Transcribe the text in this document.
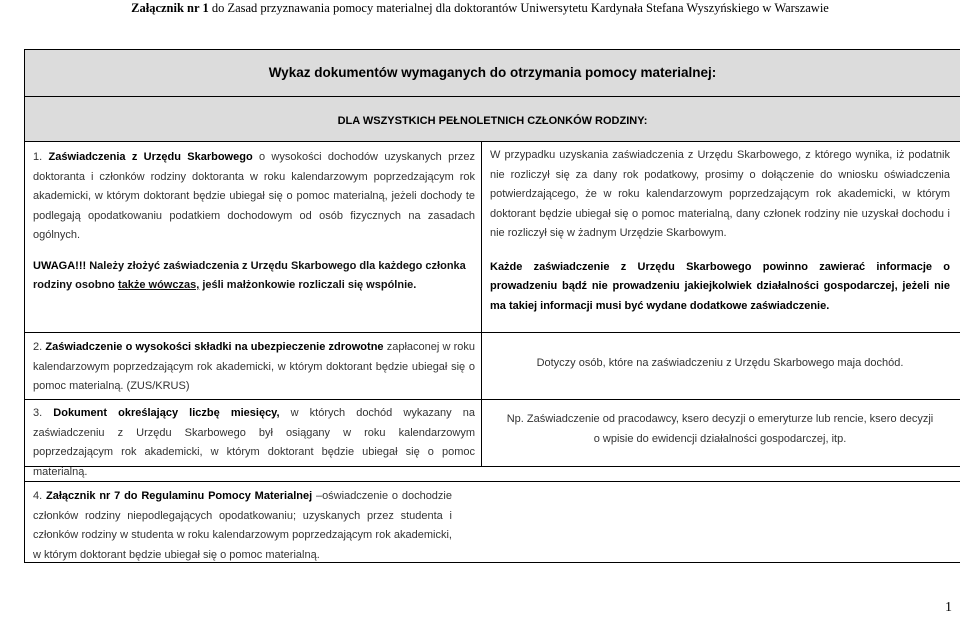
Załącznik nr 1 do Zasad przyznawania pomocy materialnej dla doktorantów Uniwersytetu Kardynała Stefana Wyszyńskiego w Warszawie
Wykaz dokumentów wymaganych do otrzymania pomocy materialnej:
DLA WSZYSTKICH PEŁNOLETNICH CZŁONKÓW RODZINY:
1. Zaświadczenia z Urzędu Skarbowego o wysokości dochodów uzyskanych przez doktoranta i członków rodziny doktoranta w roku kalendarzowym poprzedzającym rok akademicki, w którym doktorant będzie ubiegał się o pomoc materialną, jeżeli dochody te podlegają opodatkowaniu podatkiem dochodowym od osób fizycznych na zasadach ogólnych.
UWAGA!!! Należy złożyć zaświadczenia z Urzędu Skarbowego dla każdego członka rodziny osobno także wówczas, jeśli małżonkowie rozliczali się wspólnie.
W przypadku uzyskania zaświadczenia z Urzędu Skarbowego, z którego wynika, iż podatnik nie rozliczył się za dany rok podatkowy, prosimy o dołączenie do wniosku oświadczenia potwierdzającego, że w roku kalendarzowym poprzedzającym rok akademicki, w którym doktorant będzie ubiegał się o pomoc materialną, dany członek rodziny nie uzyskał dochodu i nie rozliczył się w żadnym Urzędzie Skarbowym.
Każde zaświadczenie z Urzędu Skarbowego powinno zawierać informacje o prowadzeniu bądź nie prowadzeniu jakiejkolwiek działalności gospodarczej, jeżeli nie ma takiej informacji musi być wydane dodatkowe zaświadczenie.
2. Zaświadczenie o wysokości składki na ubezpieczenie zdrowotne zapłaconej w roku kalendarzowym poprzedzającym rok akademicki, w którym doktorant będzie ubiegał się o pomoc materialną. (ZUS/KRUS)
Dotyczy osób, które na zaświadczeniu z Urzędu Skarbowego maja dochód.
3. Dokument określający liczbę miesięcy, w których dochód wykazany na zaświadczeniu z Urzędu Skarbowego był osiągany w roku kalendarzowym poprzedzającym rok akademicki, w którym doktorant będzie ubiegał się o pomoc materialną.
Np. Zaświadczenie od pracodawcy, ksero decyzji o emeryturze lub rencie, ksero decyzji
o wpisie do ewidencji działalności gospodarczej, itp.
4. Załącznik nr 7 do Regulaminu Pomocy Materialnej –oświadczenie o dochodzie członków rodziny niepodlegających opodatkowaniu; uzyskanych przez studenta i członków rodziny w studenta w roku kalendarzowym poprzedzającym rok akademicki, w którym doktorant będzie ubiegał się o pomoc materialną.
1
